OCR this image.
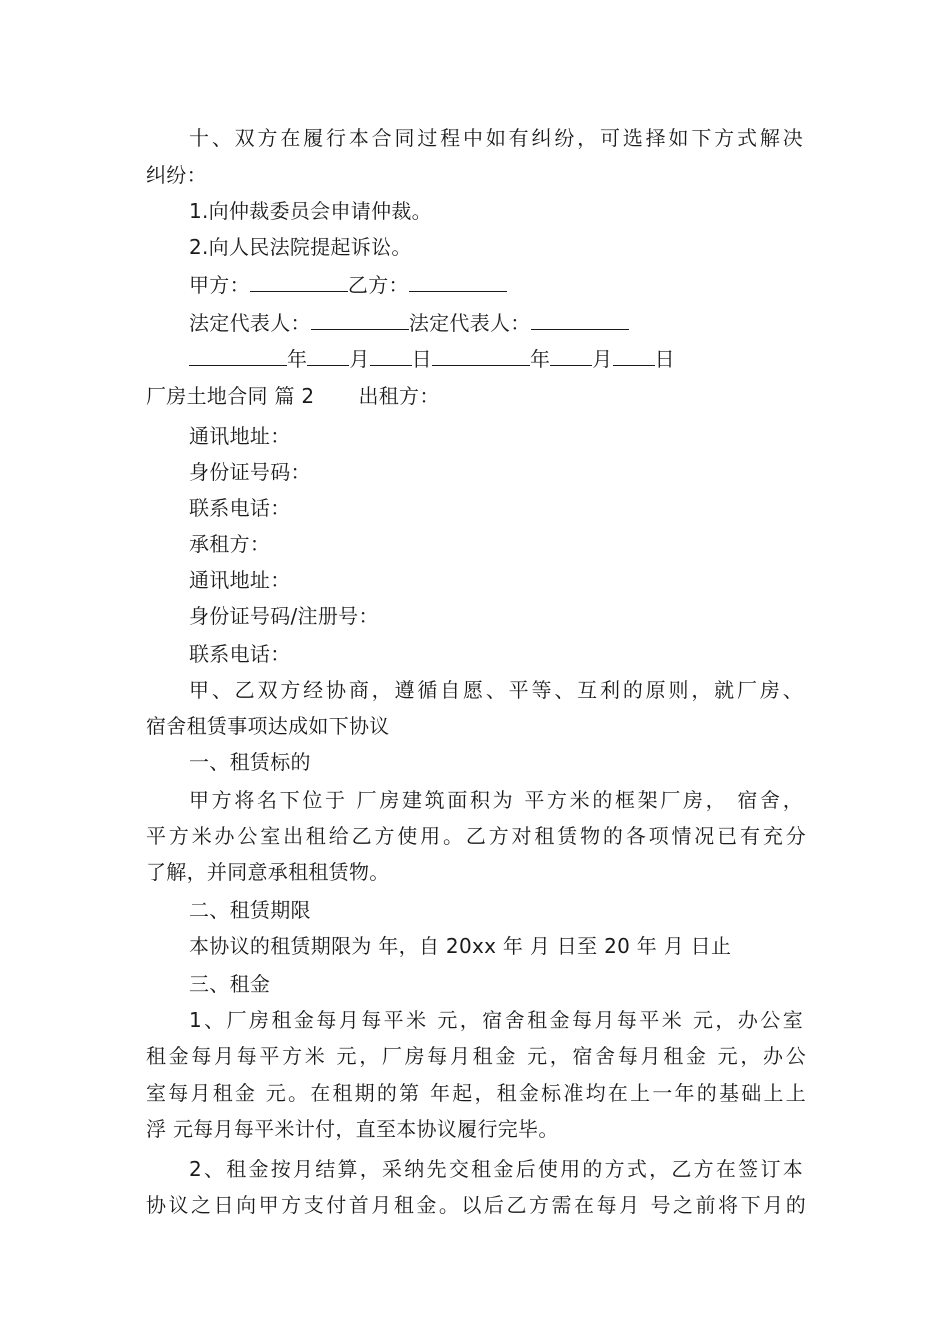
十、双方在履行本合同过程中如有纠纷，可选择如下方式解决
纠纷：
1.向仲裁委员会申请仲裁。
2.向人民法院提起诉讼。
甲方：	乙方：
法定代表人：	法定代表人：
年 月 日	年 月 日
厂房土地合同 篇 2 出租方：
通讯地址：
身份证号码：
联系电话：
承租方：
通讯地址：
身份证号码/注册号：
联系电话：
甲、乙双方经协商，遵循自愿、平等、互利的原则，就厂房、
宿舍租赁事项达成如下协议
一、租赁标的
甲方将名下位于 厂房建筑面积为 平方米的框架厂房， 宿舍，
平方米办公室出租给乙方使用。乙方对租赁物的各项情况已有充分
了解，并同意承租租赁物。
二、租赁期限
本协议的租赁期限为 年，自 20xx 年 月 日至 20 年 月 日止
三、租金
1、厂房租金每月每平米 元，宿舍租金每月每平米 元，办公室
租金每月每平方米 元，厂房每月租金 元，宿舍每月租金 元，办公
室每月租金 元。在租期的第 年起，租金标准均在上一年的基础上上
浮 元每月每平米计付，直至本协议履行完毕。
2、租金按月结算，采纳先交租金后使用的方式，乙方在签订本
协议之日向甲方支付首月租金。以后乙方需在每月 号之前将下月的
